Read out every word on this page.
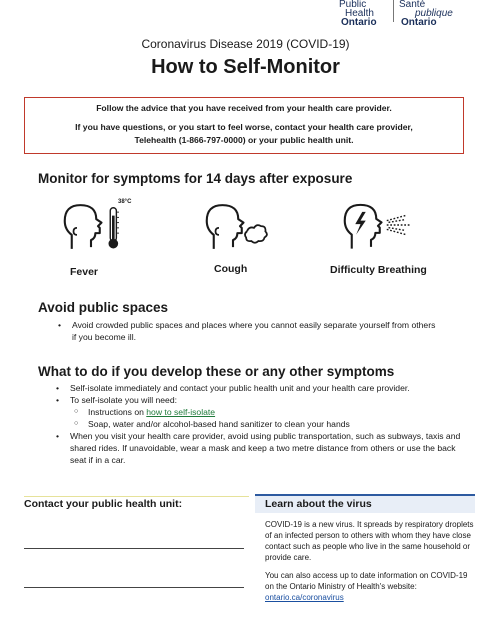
Public
Health
Ontario
Santé
publique
Ontario
Coronavirus Disease 2019 (COVID-19)
How to Self-Monitor

Follow the advice that you have received from your health care provider.

If you have questions, or you start to feel worse, contact your health care provider,

Telehealth (1-866-797-0000) or your public health unit.

Monitor for symptoms for 14 days after exposure
38°C
Fever	Cough	Difficulty Breathing
Avoid public spaces
• Avoid crowded public spaces and places where you cannot easily separate yourself from others if you become ill.
What to do if you develop these or any other symptoms
• Self-isolate immediately and contact your public health unit and your health care provider.
• To self-isolate you will need:
○ Instructions on how to self-isolate
○ Soap, water and/or alcohol-based hand sanitizer to clean your hands
• When you visit your health care provider, avoid using public transportation, such as subways, taxis and shared rides. If unavoidable, wear a mask and keep a two metre distance from others or use the back seat if in a car.
Contact your public health unit:	Learn about the virus

COVID-19 is a new virus. It spreads by respiratory droplets of an infected person to others with whom they have close contact such as people who live in the same household or provide care.

You can also access up to date information on COVID-19 on the Ontario Ministry of Health's website: ontario.ca/coronavirus
